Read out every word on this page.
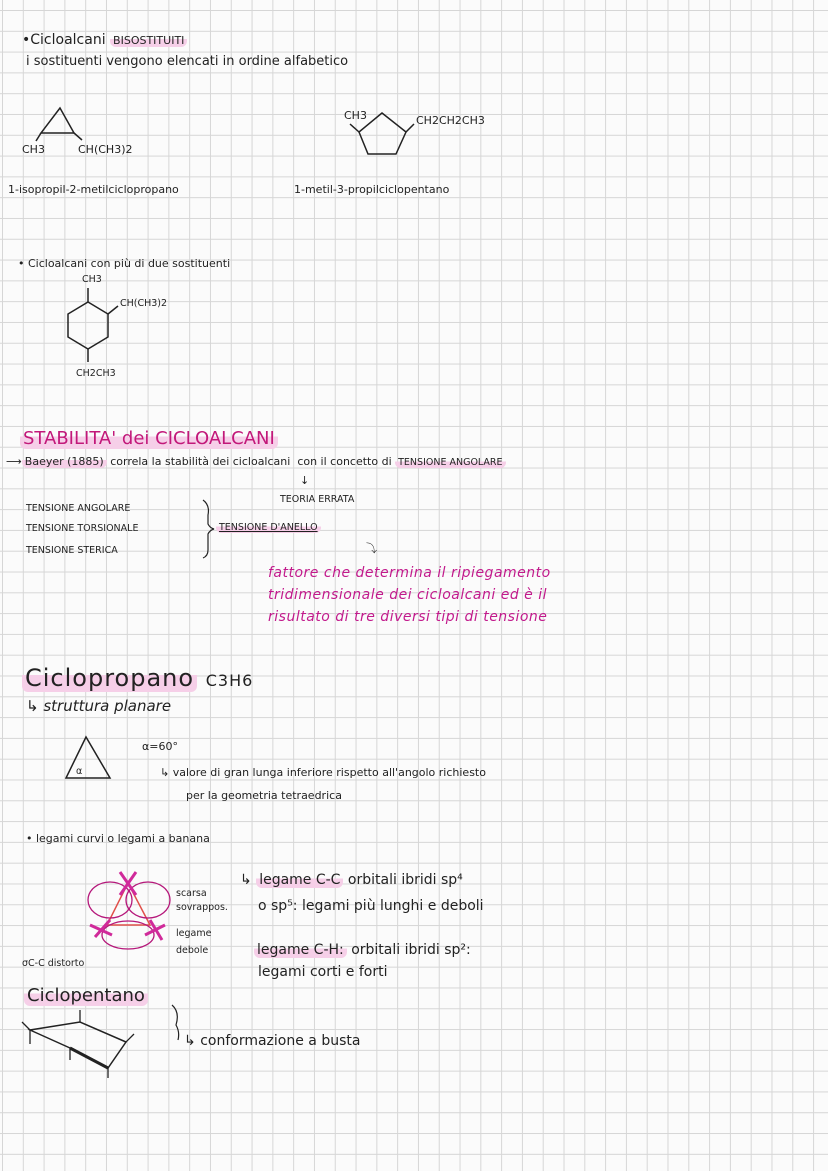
•Cicloalcani BISOSTITUITI
i sostituenti vengono elencati in ordine alfabetico
CH3	CH(CH3)2
1-isopropil-2-metilciclopropano
CH3	CH2CH2CH3
1-metil-3-propilciclopentano
• Cicloalcani con più di due sostituenti
CH3
CH(CH3)2
CH2CH3
STABILITA' dei CICLOALCANI
⟶ Baeyer (1885) correla la stabilità dei cicloalcani con il concetto di TENSIONE ANGOLARE
↓
TEORIA ERRATA
TENSIONE ANGOLARE
TENSIONE TORSIONALE
TENSIONE STERICA
TENSIONE D'ANELLO
⤵
fattore che determina il ripiegamento
tridimensionale dei cicloalcani ed è il
risultato di tre diversi tipi di tensione
Ciclopropano C3H6
↳ struttura planare
α
α=60°
↳ valore di gran lunga inferiore rispetto all'angolo richiesto
per la geometria tetraedrica
• legami curvi o legami a banana
scarsa
sovrappos.
legame
debole
σC-C distorto
↳ legame C-C orbitali ibridi sp⁴
o sp⁵: legami più lunghi e deboli
legame C-H: orbitali ibridi sp²:
legami corti e forti
Ciclopentano
↳ conformazione a busta
